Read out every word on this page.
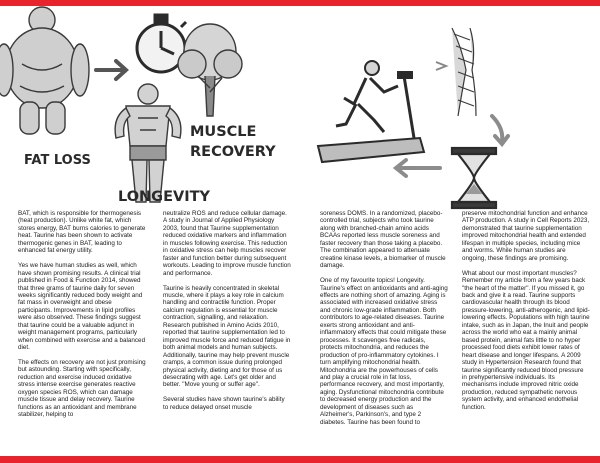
FAT LOSS
MUSCLE
RECOVERY
LONGEVITY

BAT, which is responsible for thermogenesis (heat production). Unlike white fat, which stores energy, BAT burns calories to generate heat. Taurine has been shown to activate thermogenic genes in BAT, leading to enhanced fat energy utility.

Yes we have human studies as well, which have shown promising results. A clinical trial published in Food & Function 2014, showed that three grams of taurine daily for seven weeks significantly reduced body weight and fat mass in overweight and obese participants. Improvements in lipid profiles were also observed. These findings suggest that taurine could be a valuable adjunct in weight management programs, particularly when combined with exercise and a balanced diet.

The effects on recovery are not just promising but astounding. Starting with specifically, reduction and exercise induced oxidative stress intense exercise generates reactive oxygen species ROS, which can damage muscle tissue and delay recovery. Taurine functions as an antioxidant and membrane stabilizer, helping to

neutralize ROS and reduce cellular damage. A study in Journal of Applied Physiology 2003, found that Taurine supplementation reduced oxidative markers and inflammation in muscles following exercise. This reduction in oxidative stress can help muscles recover faster and function better during subsequent workouts. Leading to improve muscle function and performance.

Taurine is heavily concentrated in skeletal muscle, where it plays a key role in calcium handling and contractile function. Proper calcium regulation is essential for muscle contraction, signalling, and relaxation. Research published in Amino Acids 2010, reported that taurine supplementation led to improved muscle force and reduced fatigue in both animal models and human subjects. Additionally, taurine may help prevent muscle cramps, a common issue during prolonged physical activity, dieting and for those of us desecrating with age. Let's get older and better. "Move young or suffer age".

Several studies have shown taurine's ability to reduce delayed onset muscle

soreness DOMS. In a randomized, placebo-controlled trial, subjects who took taurine along with branched-chain amino acids BCAAs reported less muscle soreness and faster recovery than those taking a placebo. The combination appeared to attenuate creatine kinase levels, a biomarker of muscle damage.

One of my favourite topics! Longevity. Taurine's effect on antioxidants and anti-aging effects are nothing short of amazing. Aging is associated with increased oxidative stress and chronic low-grade inflammation. Both contributors to age-related diseases. Taurine exerts strong antioxidant and anti-inflammatory effects that could mitigate these processes. It scavenges free radicals, protects mitochondria, and reduces the production of pro-inflammatory cytokines. I turn amplifying mitochondrial health. Mitochondria are the powerhouses of cells and play a crucial role in fat loss, performance recovery, and most importantly, aging. Dysfunctional mitochondria contribute to decreased energy production and the development of diseases such as Alzheimer's, Parkinson's, and type 2 diabetes. Taurine has been found to

preserve mitochondrial function and enhance ATP production. A study in Cell Reports 2023, demonstrated that taurine supplementation improved mitochondrial health and extended lifespan in multiple species, including mice and worms. While human studies are ongoing, these findings are promising.

What about our most important muscles? Remember my article from a few years back "the heart of the matter". If you missed it, go back and give it a read. Taurine supports cardiovascular health through its blood pressure-lowering, anti-atherogenic, and lipid-lowering effects. Populations with high taurine intake, such as in Japan, the Inuit and people across the world who eat a mainly animal based protein, animal fats little to no hyper processed food diets exhibit lower rates of heart disease and longer lifespans. A 2009 study in Hypertension Research found that taurine significantly reduced blood pressure in prehypertensive individuals. Its mechanisms include improved nitric oxide production, reduced sympathetic nervous system activity, and enhanced endothelial function.
